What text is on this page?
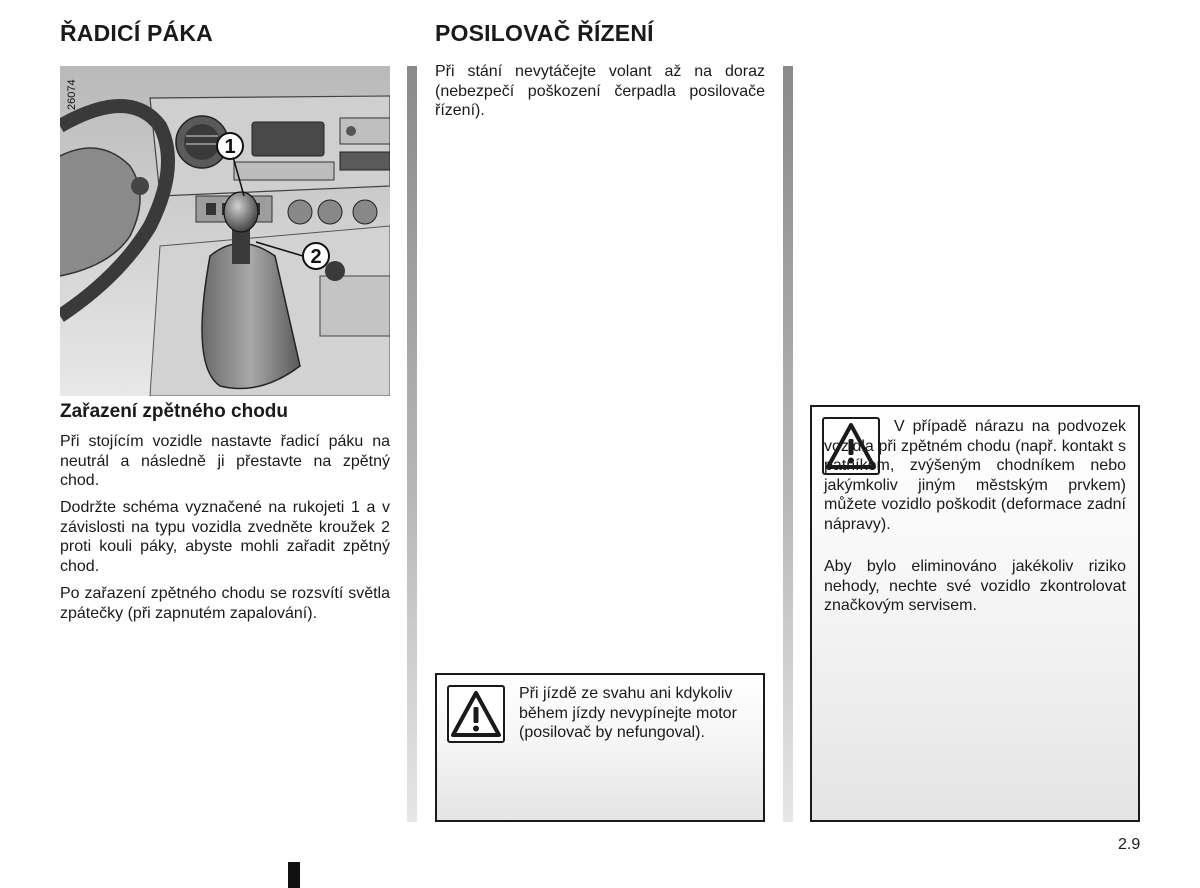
ŘADICÍ PÁKA	POSILOVAČ ŘÍZENÍ
1
2
26074
Zařazení zpětného chodu

Při stojícím vozidle nastavte řadicí páku na neutrál a následně ji přestavte na zpětný chod.

Dodržte schéma vyznačené na rukojeti 1 a v závislosti na typu vozidla zvedněte kroužek 2 proti kouli páky, abyste mohli zařadit zpětný chod.

Po zařazení zpětného chodu se rozsvítí světla zpátečky (při zapnutém zapalování).

Při stání nevytáčejte volant až na doraz (nebezpečí poškození čerpadla posilovače řízení).

Při jízdě ze svahu ani kdykoliv během jízdy nevypínejte motor (posilovač by nefungoval).

V případě nárazu na podvozek vozidla při zpětném chodu (např. kontakt s patníkem, zvýšeným chodníkem nebo jakýmkoliv jiným městským prvkem) můžete vozidlo poškodit (deformace zadní nápravy).

Aby bylo eliminováno jakékoliv riziko nehody, nechte své vozidlo zkontrolovat značkovým servisem.

2.9
